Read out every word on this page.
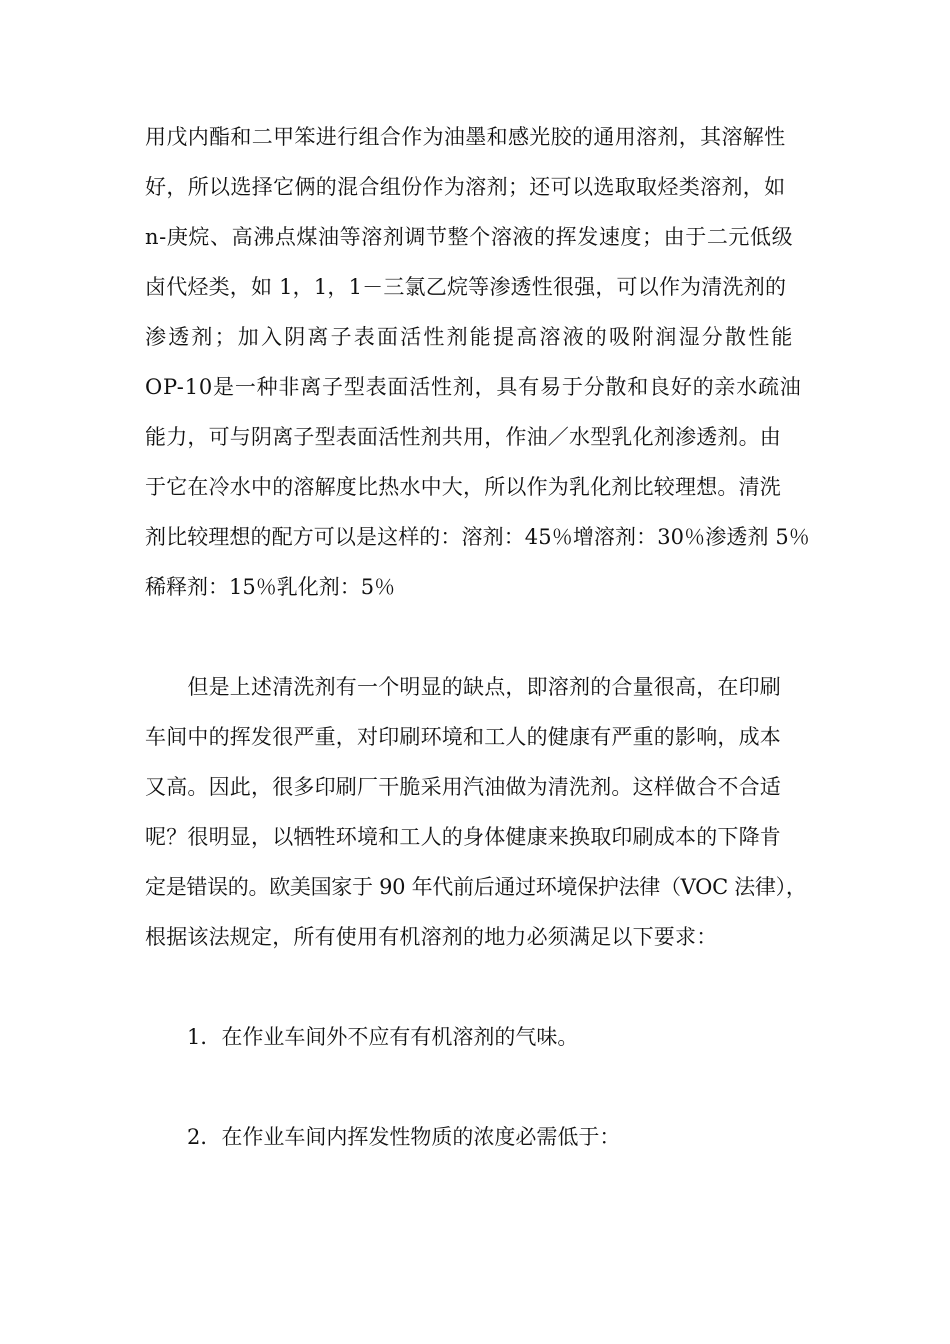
用戊内酯和二甲笨进行组合作为油墨和感光胶的通用溶剂，其溶解性
好，所以选择它俩的混合组份作为溶剂；还可以选取取烃类溶剂，如
n-庚烷、高沸点煤油等溶剂调节整个溶液的挥发速度；由于二元低级
卤代烃类，如 1，1，1－三氯乙烷等渗透性很强，可以作为清洗剂的
渗透剂；加入阴离子表面活性剂能提高溶液的吸附润湿分散性能
OP-10是一种非离子型表面活性剂，具有易于分散和良好的亲水疏油
能力，可与阴离子型表面活性剂共用，作油／水型乳化剂渗透剂。由
于它在冷水中的溶解度比热水中大，所以作为乳化剂比较理想。清洗
剂比较理想的配方可以是这样的：溶剂：45％增溶剂：30％渗透剂 5％
稀释剂：15％乳化剂：5％
　　但是上述清洗剂有一个明显的缺点，即溶剂的合量很高，在印刷
车间中的挥发很严重，对印刷环境和工人的健康有严重的影响，成本
又高。因此，很多印刷厂干脆采用汽油做为清洗剂。这样做合不合适
呢？很明显，以牺牲环境和工人的身体健康来换取印刷成本的下降肯
定是错误的。欧美国家于 90 年代前后通过环境保护法律（VOC 法律），
根据该法规定，所有使用有机溶剂的地力必须满足以下要求：
1．在作业车间外不应有有机溶剂的气味。
2．在作业车间内挥发性物质的浓度必需低于：
